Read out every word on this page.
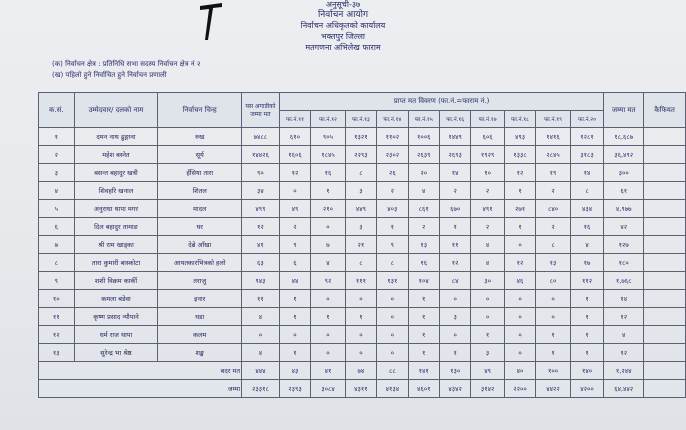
अनुसूची-३७
निर्वाचन आयोग
निर्वाचन अधिकृतको कार्यालय
भक्तपुर जिल्ला
मतगणना अभिलेख फाराम
(क) निर्वाचन क्षेत्र : प्रतिनिधि सभा सदस्य निर्वाचन क्षेत्र नं २
(ख) पहिलो हुने निर्वाचित हुने निर्वाचन प्रणाली
क.सं.	उम्मेदवार/ दलको नाम	निर्वाचन चिन्ह	यस अगाडीको जम्मा मत	प्राप्त मत विवरण (फा.नं.=फाराम नं.)										जम्मा मत	कैफियत
				फा.नं.११	फा.नं.१२	फा.नं.१३	फा.नं.१४	फा.नं.१५	फा.नं.१६	फा.नं.१७	फा.नं.१८	फा.नं.१९	फा.नं.२०		
१	दमन नाथ ढुङ्गाना	रुख	७४८८	६१०	९०५	१३२१	११०२	१००६	१४४९	६०६	४९३	१४१६	१२८१	१८,६८७	
२	महेश बस्नेत	सूर्य	१४४२६	१६०६	१८४५	२२९३	२३०२	२६३९	२६९३	१९२९	१३३८	२८४५	३१८३	३६,४९२	
३	बसन्त बहादुर खत्री	हँसिया तारा	९०	१२	१६	८	२६	२०	१४	१०	१२	१९	१४	३००	
४	शिवहरि खनाल	शितल	३४	०	१	३	२	४	२	२	१	२	८	६१	
५	अनुराधा थापा मगर	मादल	४९९	४९	२१०	४४९	४०३	८६१	६७०	४९१	२७१	८४०	४३४	४,९७७	
६	दिल बहादुर तामाङ	घर	१२	२	०	३	१	२	१	२	१	२	१६	४२	
७	श्री राम खाड्का	देब्रे आँखा	४१	९	७	२१	९	१३	११	४	०	८	४	१२७	
८	तारा कुमारी बास्कोटा	आयतकारभित्रको हलो	६३	६	४	८	८	१६	१२	४	१२	१३	१७	१८०	
९	शशी विक्रम कार्की	तराजु	९४३	४४	९२	१११	१३१	१०४	८४	३०	४६	८०	११२	१,७६८	
१०	कमला बडेवा	इनार	११	१	०	०	०	१	०	०	०	०	१	१४	
११	कृष्ण प्रसाद न्यौपाने	घडा	४	१	१	१	०	१	३	०	०	०	१	१२	
१२	धर्म राज थापा	कलम	०	०	०	०	०	१	०	१	०	१	१	४	
१३	सुरेन्द्र भा श्रेष्ठ	शङ्ख	४	१	०	०	०	१	१	३	०	१	१	१२	
बदर मत			४४४	४३	४१	७४	८८	१४१	१३०	४९	४०	१००	१४०	१,२४४	
जम्मा			२३३१८	२३९३	३०८४	४३११	४१३४	४६०१	४३४२	३१४२	२२००	४४२२	४२००	६४,४४२	
